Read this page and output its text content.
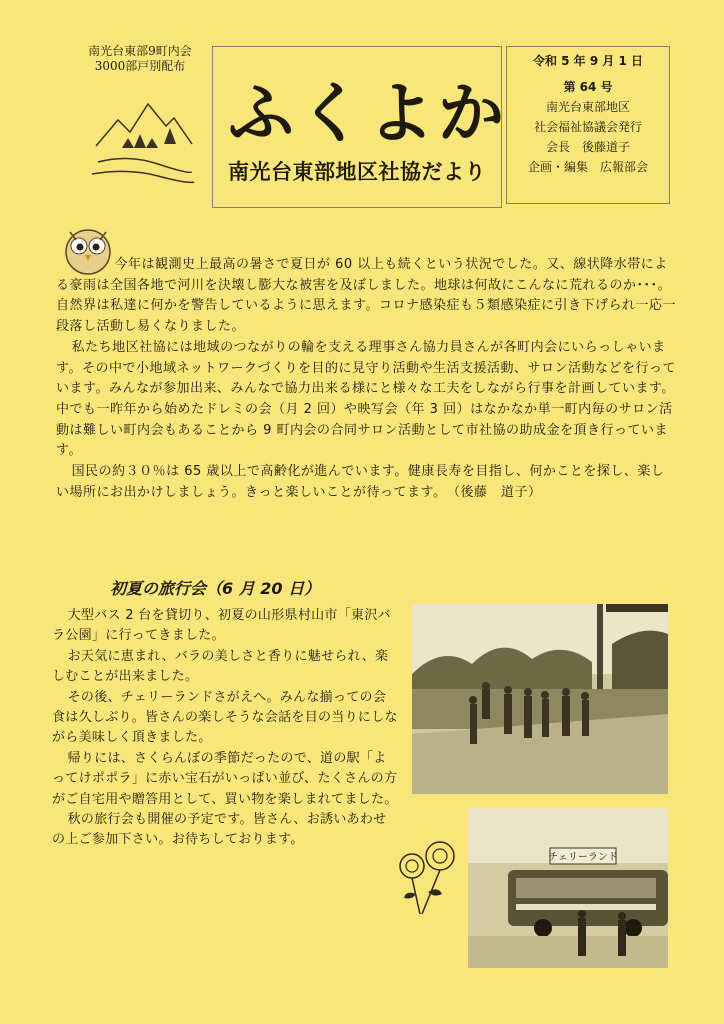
南光台東部9町内会
3000部戸別配布
ふくよか
南光台東部地区社協だより
令和 5 年 9 月 1 日
第 64 号
南光台東部地区
社会福祉協議会発行
会長　後藤道子
企画・編集　広報部会

今年は観測史上最高の暑さで夏日が 60 以上も続くという状況でした。又、線状降水帯による豪雨は全国各地で河川を決壊し膨大な被害を及ぼしました。地球は何故にこんなに荒れるのか･･･。自然界は私達に何かを警告しているように思えます。コロナ感染症も５類感染症に引き下げられ一応一段落し活動し易くなりました。

私たち地区社協には地域のつながりの輪を支える理事さん協力員さんが各町内会にいらっしゃいます。その中で小地域ネットワークづくりを目的に見守り活動や生活支援活動、サロン活動などを行っています。みんなが参加出来、みんなで協力出来る様にと様々な工夫をしながら行事を計画しています。中でも一昨年から始めたドレミの会（月 2 回）や映写会（年 3 回）はなかなか単一町内毎のサロン活動は難しい町内会もあることから 9 町内会の合同サロン活動として市社協の助成金を頂き行っています。

国民の約３０％は 65 歳以上で高齢化が進んでいます。健康長寿を目指し、何かことを探し、楽しい場所にお出かけしましょう。きっと楽しいことが待ってます。　（後藤　道子）

初夏の旅行会（6 月 20 日）

大型バス 2 台を貸切り、初夏の山形県村山市「東沢バラ公園」に行ってきました。

お天気に恵まれ、バラの美しさと香りに魅せられ、楽しむことが出来ました。

その後、チェリーランドさがえへ。みんな揃っての会食は久しぶり。皆さんの楽しそうな会話を目の当りにしながら美味しく頂きました。

帰りには、さくらんぼの季節だったので、道の駅「よってけポポラ」に赤い宝石がいっぱい並び、たくさんの方がご自宅用や贈答用として、買い物を楽しまれてました。

秋の旅行会も開催の予定です。皆さん、お誘いあわせの上ご参加下さい。お待ちしております。

チェリーランド
